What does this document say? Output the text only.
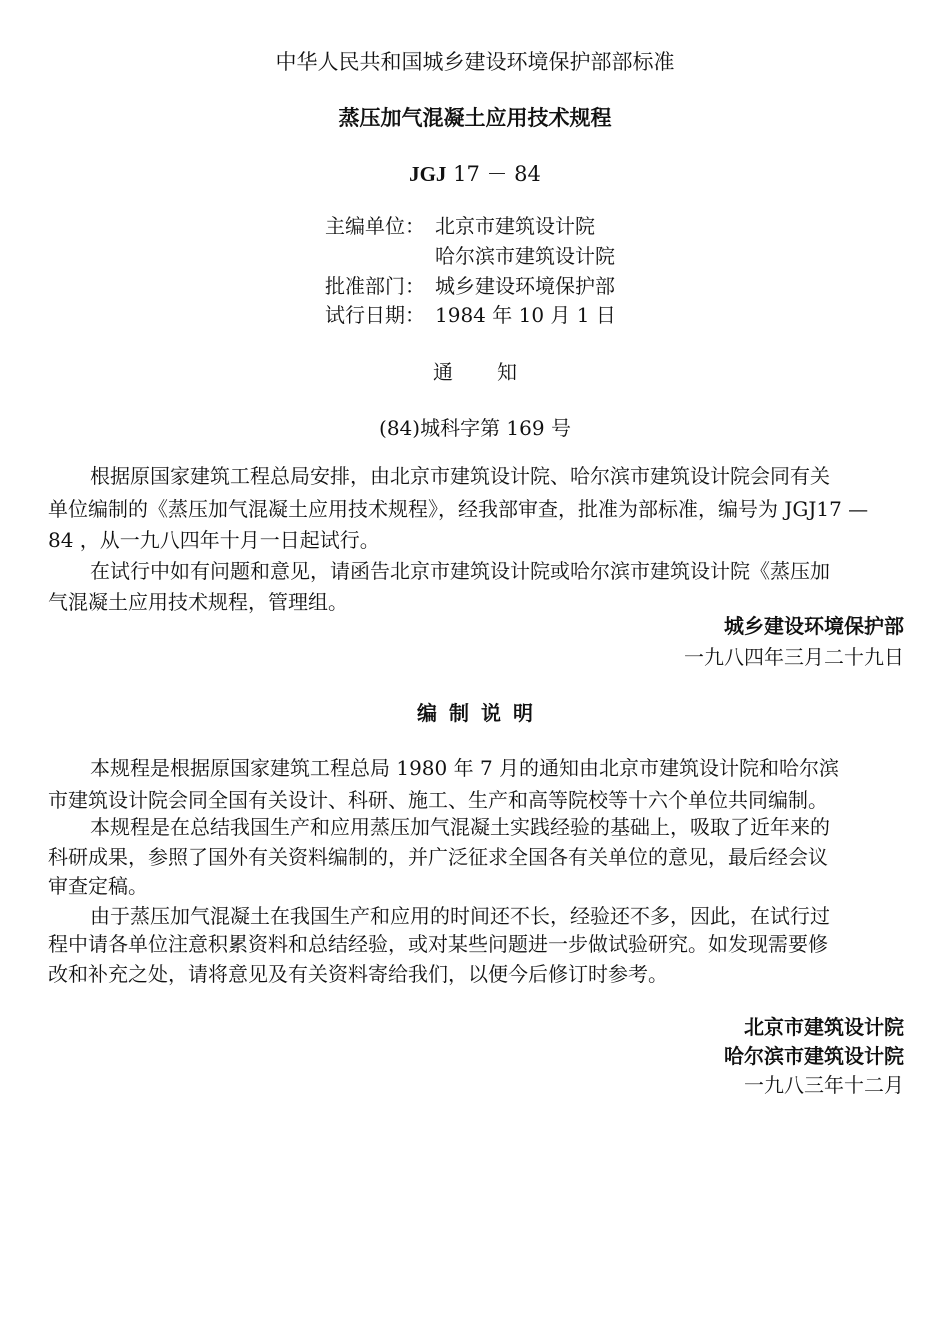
中华人民共和国城乡建设环境保护部部标准
蒸压加气混凝土应用技术规程
JGJ 17 － 84
主编单位： 北京市建筑设计院
哈尔滨市建筑设计院
批准部门： 城乡建设环境保护部
试行日期： 1984 年 10 月 1 日
通知
(84)城科字第 169 号
根据原国家建筑工程总局安排，由北京市建筑设计院、哈尔滨市建筑设计院会同有关
单位编制的《蒸压加气混凝土应用技术规程》，经我部审查，批准为部标准，编号为 JGJ17 —
84 ，从一九八四年十月一日起试行。
在试行中如有问题和意见，请函告北京市建筑设计院或哈尔滨市建筑设计院《蒸压加
气混凝土应用技术规程，管理组。
城乡建设环境保护部
一九八四年三月二十九日
编制说明
本规程是根据原国家建筑工程总局 1980 年 7 月的通知由北京市建筑设计院和哈尔滨
市建筑设计院会同全国有关设计、科研、施工、生产和高等院校等十六个单位共同编制。
本规程是在总结我国生产和应用蒸压加气混凝土实践经验的基础上，吸取了近年来的
科研成果，参照了国外有关资料编制的，并广泛征求全国各有关单位的意见，最后经会议
审查定稿。
由于蒸压加气混凝土在我国生产和应用的时间还不长，经验还不多，因此，在试行过
程中请各单位注意积累资料和总结经验，或对某些问题进一步做试验研究。如发现需要修
改和补充之处，请将意见及有关资料寄给我们，以便今后修订时参考。
北京市建筑设计院
哈尔滨市建筑设计院
一九八三年十二月
